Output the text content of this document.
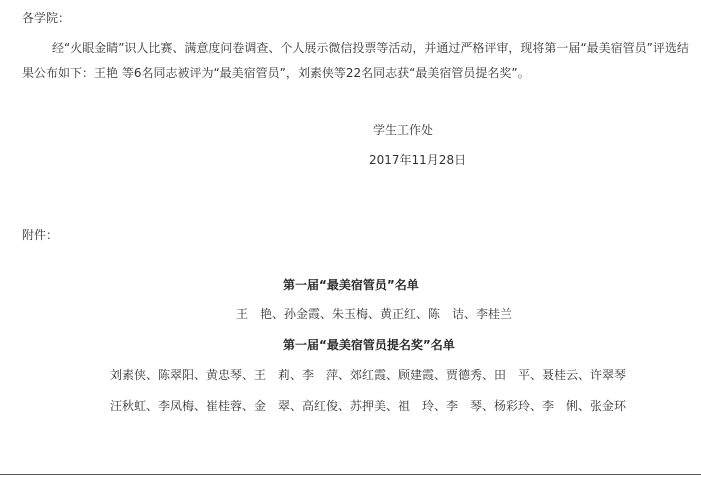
各学院：
经“火眼金睛”识人比赛、满意度问卷调查、个人展示微信投票等活动，并通过严格评审，现将第一届“最美宿管员”评选结
果公布如下：王艳 等6名同志被评为“最美宿管员”，刘素侠等22名同志获“最美宿管员提名奖”。
学生工作处
2017年11月28日
附件：
第一届“最美宿管员”名单
王　艳、孙金霞、朱玉梅、黄正红、陈　诘、李桂兰
第一届“最美宿管员提名奖”名单
刘素侠、陈翠阳、黄忠琴、王　莉、李　萍、郊红霞、顾建霞、贾德秀、田　平、聂桂云、许翠琴
汪秋虹、李凤梅、崔桂蓉、金　翠、高红俊、苏押美、祖　玲、李　琴、杨彩玲、李　俐、张金环
